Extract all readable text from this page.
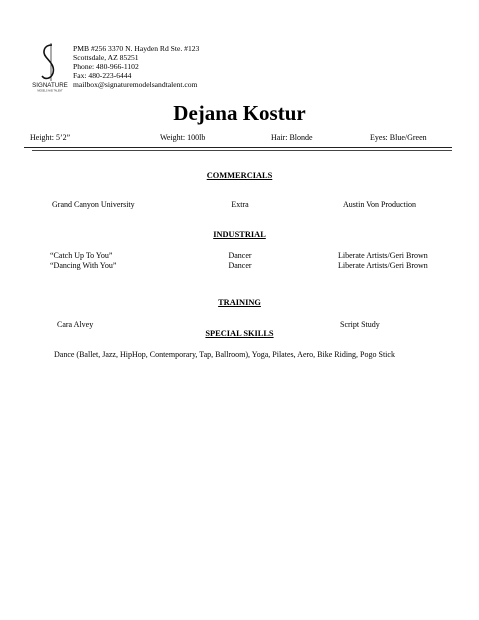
SIGNATURE
MODELS AND TALENT
PMB #256 3370 N. Hayden Rd Ste. #123
Scottsdale, AZ 85251
Phone: 480-966-1102
Fax: 480-223-6444
mailbox@signaturemodelsandtalent.com
Dejana Kostur
Height: 5’2”	Weight: 100lb	Hair: Blonde	Eyes: Blue/Green
COMMERCIALS
Grand Canyon University	Extra	Austin Von Production
INDUSTRIAL
“Catch Up To You”	Dancer	Liberate Artists/Geri Brown
“Dancing With You”	Dancer	Liberate Artists/Geri Brown
TRAINING
Cara Alvey	Script Study
SPECIAL SKILLS
Dance (Ballet, Jazz, HipHop, Contemporary, Tap, Ballroom), Yoga, Pilates, Aero, Bike Riding, Pogo Stick
